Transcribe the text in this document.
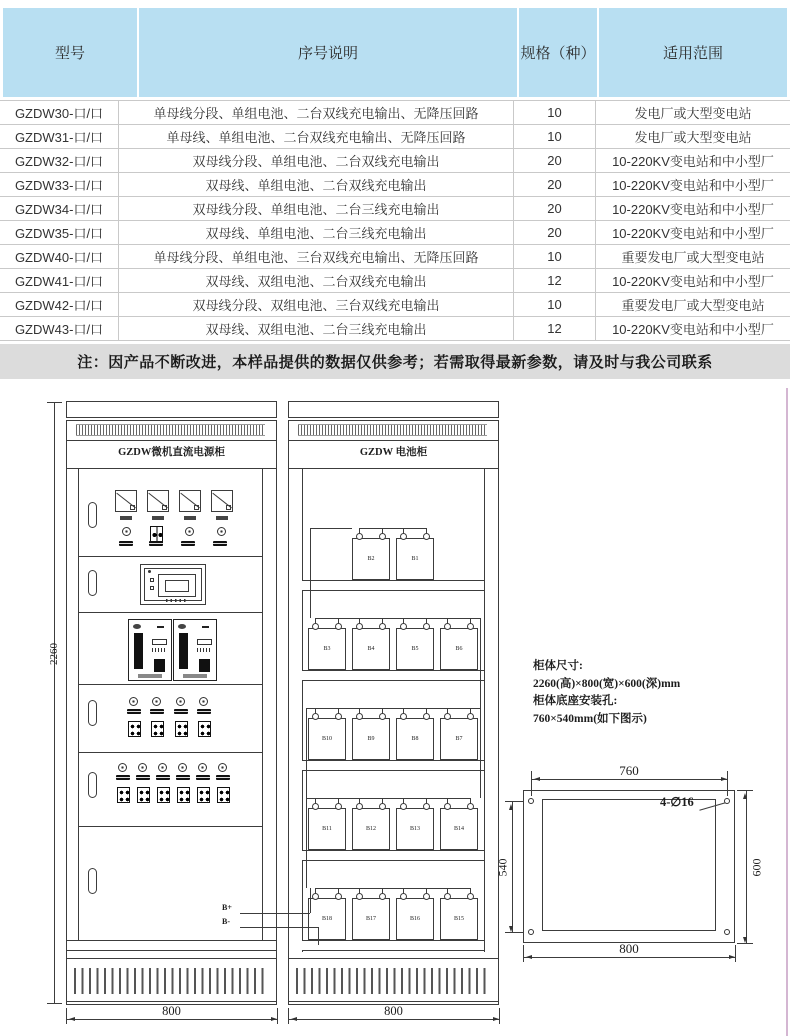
型号	序号说明	规格（种）	适用范围
GZDW30-口/口	单母线分段、单组电池、二台双线充电输出、无降压回路	10	发电厂或大型变电站
GZDW31-口/口	单母线、单组电池、二台双线充电输出、无降压回路	10	发电厂或大型变电站
GZDW32-口/口	双母线分段、单组电池、二台双线充电输出	20	10-220KV变电站和中小型厂
GZDW33-口/口	双母线、单组电池、二台双线充电输出	20	10-220KV变电站和中小型厂
GZDW34-口/口	双母线分段、单组电池、二台三线充电输出	20	10-220KV变电站和中小型厂
GZDW35-口/口	双母线、单组电池、二台三线充电输出	20	10-220KV变电站和中小型厂
GZDW40-口/口	单母线分段、单组电池、三台双线充电输出、无降压回路	10	重要发电厂或大型变电站
GZDW41-口/口	双母线、双组电池、二台双线充电输出	12	10-220KV变电站和中小型厂
GZDW42-口/口	双母线分段、双组电池、三台双线充电输出	10	重要发电厂或大型变电站
GZDW43-口/口	双母线、双组电池、二台三线充电输出	12	10-220KV变电站和中小型厂
注：因产品不断改进，本样品提供的数据仅供参考；若需取得最新参数，请及时与我公司联系
B2	B1
B3	B4	B5	B6
B10	B9	B8	B7
B11	B12	B13	B14
B18	B17	B16	B15
GZDW微机直流电源柜	GZDW 电池柜
2260
800	800
B+
B-
柜体尺寸:
2260(高)×800(宽)×600(深)mm
柜体底座安装孔:
760×540mm(如下图示)
760
4-∅16
540	600
800
